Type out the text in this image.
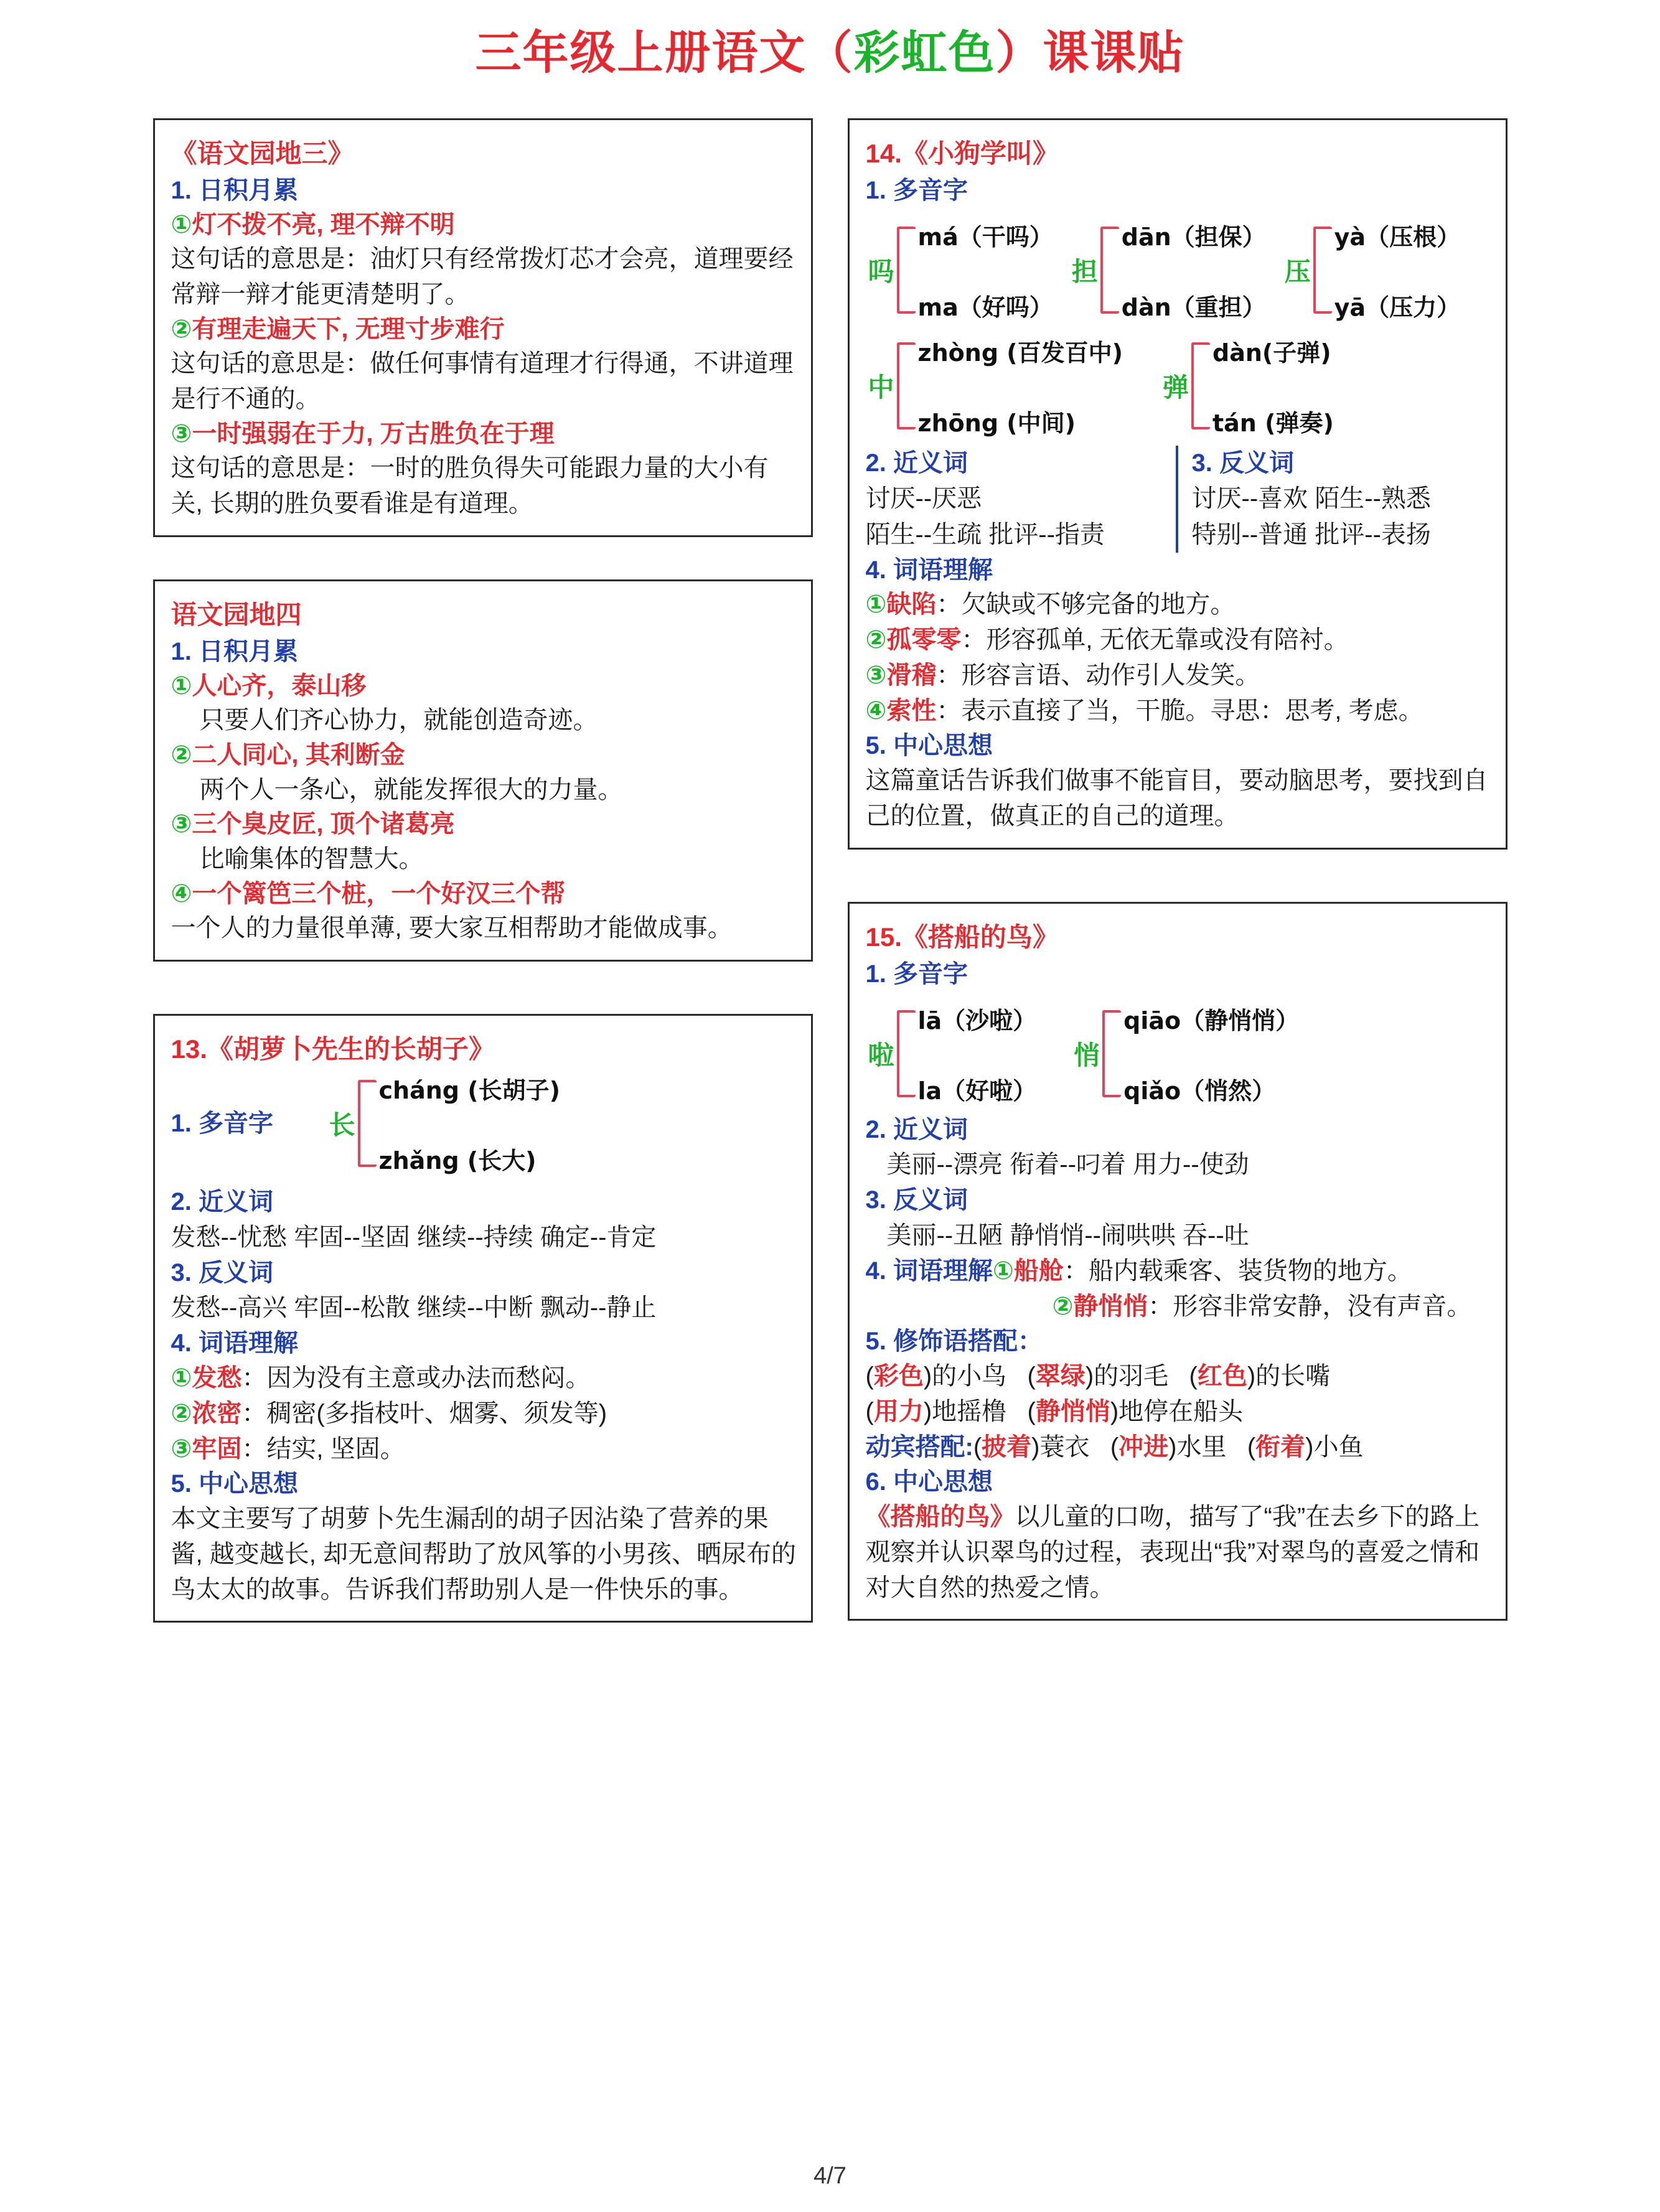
三年级上册语文（彩虹色）课课贴
《语文园地三》
1. 日积月累
①灯不拨不亮, 理不辩不明
这句话的意思是：油灯只有经常拨灯芯才会亮，道理要经常辩一辩才能更清楚明了。
②有理走遍天下, 无理寸步难行
这句话的意思是：做任何事情有道理才行得通，不讲道理是行不通的。
③一时强弱在于力, 万古胜负在于理
这句话的意思是：一时的胜负得失可能跟力量的大小有关, 长期的胜负要看谁是有道理。
语文园地四
1. 日积月累
①人心齐，泰山移
只要人们齐心协力，就能创造奇迹。
②二人同心, 其利断金
两个人一条心，就能发挥很大的力量。
③三个臭皮匠, 顶个诸葛亮
比喻集体的智慧大。
④一个篱笆三个桩，一个好汉三个帮
一个人的力量很单薄, 要大家互相帮助才能做成事。
13.《胡萝卜先生的长胡子》
1. 多音字	长
cháng (长胡子)
zhǎng (长大)
2. 近义词
发愁--忧愁 牢固--坚固 继续--持续 确定--肯定
3. 反义词
发愁--高兴 牢固--松散 继续--中断 飘动--静止
4. 词语理解
①发愁：因为没有主意或办法而愁闷。
②浓密：稠密(多指枝叶、烟雾、须发等)
③牢固：结实, 坚固。
5. 中心思想
本文主要写了胡萝卜先生漏刮的胡子因沾染了营养的果酱, 越变越长, 却无意间帮助了放风筝的小男孩、晒尿布的鸟太太的故事。告诉我们帮助别人是一件快乐的事。
14.《小狗学叫》
1. 多音字
吗
má（干吗）
ma（好吗）
担
dān（担保）
dàn（重担）
压
yà（压根）
yā（压力）
中
zhòng (百发百中)
zhōng (中间)
弹
dàn(子弹)
tán (弹奏)
2. 近义词
讨厌--厌恶
陌生--生疏 批评--指责
3. 反义词
讨厌--喜欢 陌生--熟悉
特别--普通 批评--表扬
4. 词语理解
①缺陷：欠缺或不够完备的地方。
②孤零零：形容孤单, 无依无靠或没有陪衬。
③滑稽：形容言语、动作引人发笑。
④索性：表示直接了当，干脆。寻思：思考, 考虑。
5. 中心思想
这篇童话告诉我们做事不能盲目，要动脑思考，要找到自己的位置，做真正的自己的道理。
15.《搭船的鸟》
1. 多音字
啦
lā（沙啦）
la（好啦）
悄
qiāo（静悄悄）
qiǎo（悄然）
2. 近义词
美丽--漂亮 衔着--叼着 用力--使劲
3. 反义词
美丽--丑陋 静悄悄--闹哄哄 吞--吐
4. 词语理解①船舱：船内载乘客、装货物的地方。
②静悄悄：形容非常安静，没有声音。
5. 修饰语搭配：
(彩色)的小鸟   (翠绿)的羽毛   (红色)的长嘴
(用力)地摇橹   (静悄悄)地停在船头
动宾搭配:(披着)蓑衣   (冲进)水里   (衔着)小鱼
6. 中心思想
《搭船的鸟》以儿童的口吻，描写了“我”在去乡下的路上观察并认识翠鸟的过程，表现出“我”对翠鸟的喜爱之情和对大自然的热爱之情。
4/7
